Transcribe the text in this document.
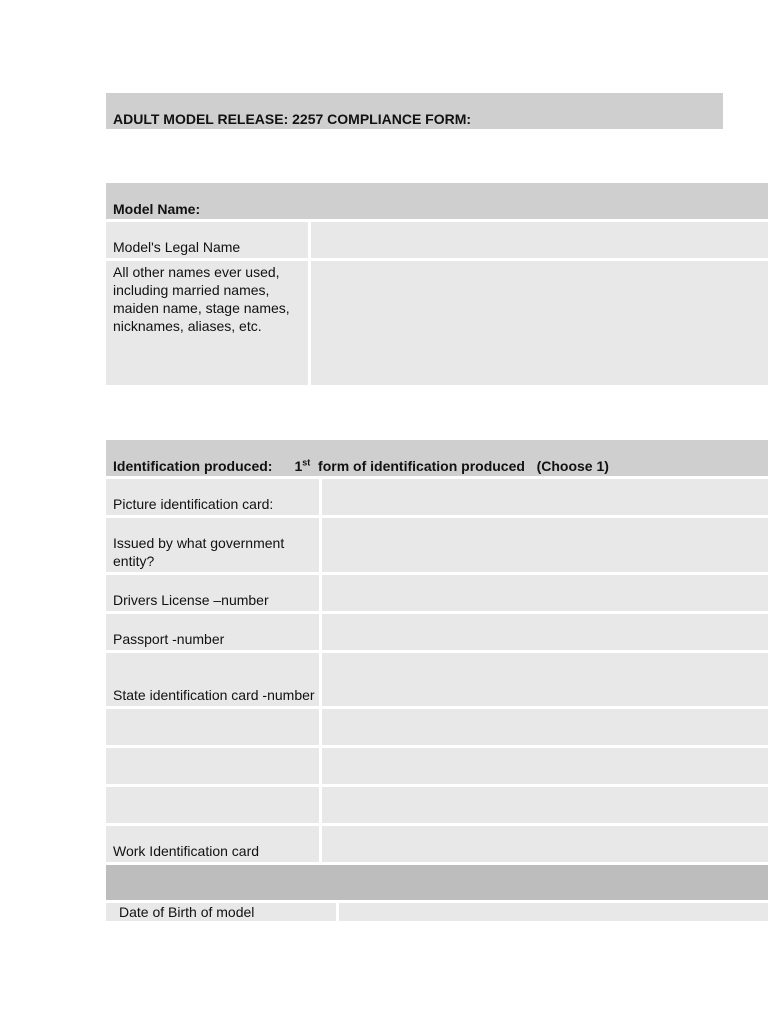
ADULT MODEL RELEASE: 2257 COMPLIANCE FORM:
Model Name:
Model's Legal Name
All other names ever used, including married names, maiden name, stage names, nicknames, aliases, etc.
Identification produced: 1st  form of identification produced   (Choose 1)
Picture identification card:
Issued by what government entity?
Drivers License –number
Passport -number
State identification card -number
Work Identification card
Date of Birth of model
